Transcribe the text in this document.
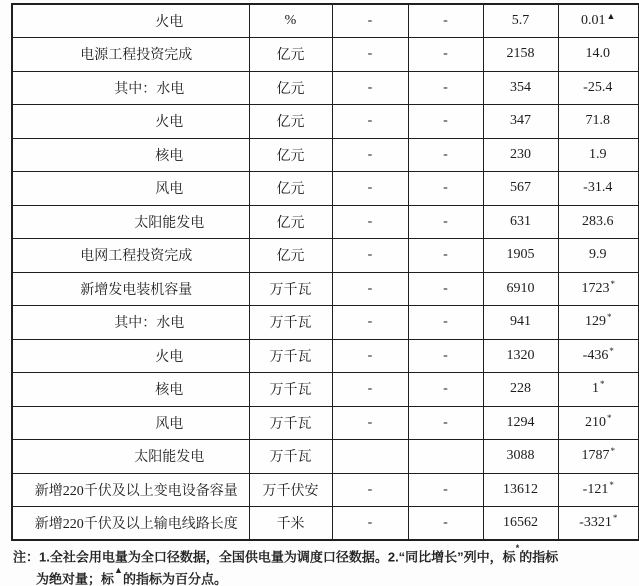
火电	%	-	-	5.7	0.01▲
电源工程投资完成	亿元	-	-	2158	14.0
其中：水电	亿元	-	-	354	-25.4
火电	亿元	-	-	347	71.8
核电	亿元	-	-	230	1.9
风电	亿元	-	-	567	-31.4
太阳能发电	亿元	-	-	631	283.6
电网工程投资完成	亿元	-	-	1905	9.9
新增发电装机容量	万千瓦	-	-	6910	1723*
其中：水电	万千瓦	-	-	941	129*
火电	万千瓦	-	-	1320	-436*
核电	万千瓦	-	-	228	1*
风电	万千瓦	-	-	1294	210*
太阳能发电	万千瓦			3088	1787*
新增220千伏及以上变电设备容量	万千伏安	-	-	13612	-121*
新增220千伏及以上输电线路长度	千米	-	-	16562	-3321*
注：1.全社会用电量为全口径数据，全国供电量为调度口径数据。2.“同比增长”列中，标*的指标
为绝对量；标▲的指标为百分点。
